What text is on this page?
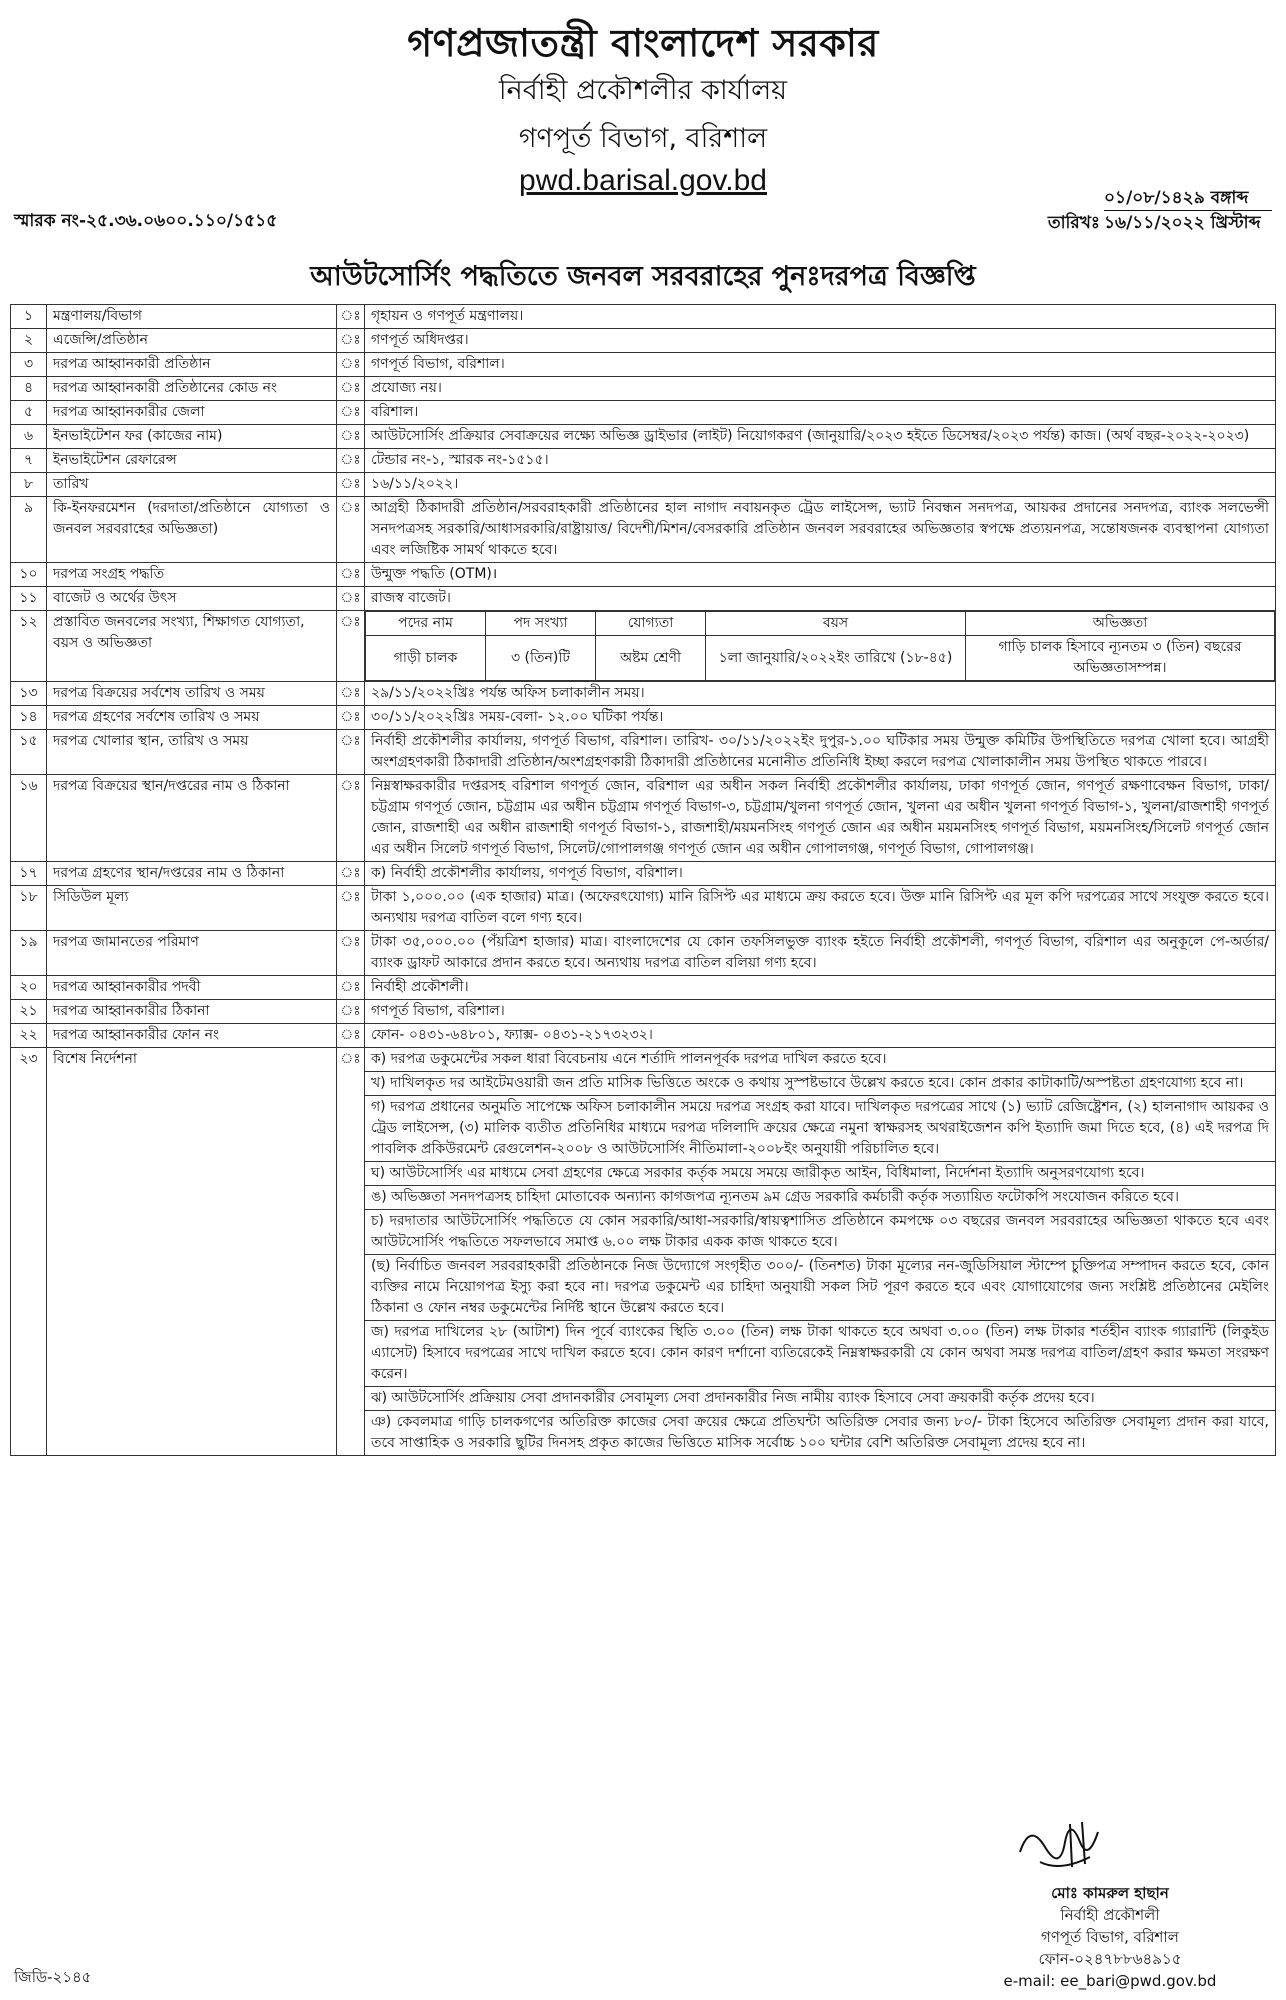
গণপ্রজাতন্ত্রী বাংলাদেশ সরকার
নির্বাহী প্রকৌশলীর কার্যালয়
গণপূর্ত বিভাগ, বরিশাল
pwd.barisal.gov.bd
স্মারক নং-২৫.৩৬.০৬০০.১১০/১৫১৫	তারিখঃ
০১/০৮/১৪২৯ বঙ্গাব্দ
১৬/১১/২০২২ খ্রিস্টাব্দ
আউটসোর্সিং পদ্ধতিতে জনবল সরবরাহের পুনঃদরপত্র বিজ্ঞপ্তি
১	মন্ত্রণালয়/বিভাগ	ঃ	গৃহায়ন ও গণপূর্ত মন্ত্রণালয়।
২	এজেন্সি/প্রতিষ্ঠান	ঃ	গণপূর্ত অধিদপ্তর।
৩	দরপত্র আহ্বানকারী প্রতিষ্ঠান	ঃ	গণপূর্ত বিভাগ, বরিশাল।
৪	দরপত্র আহ্বানকারী প্রতিষ্ঠানের কোড নং	ঃ	প্রযোজ্য নয়।
৫	দরপত্র আহ্বানকারীর জেলা	ঃ	বরিশাল।
৬	ইনভাইটেশন ফর (কাজের নাম)	ঃ	আউটসোর্সিং প্রক্রিয়ার সেবাক্রয়ের লক্ষ্যে অভিজ্ঞ ড্রাইভার (লাইট) নিয়োগকরণ (জানুয়ারি/২০২৩ হইতে ডিসেম্বর/২০২৩ পর্যন্ত) কাজ। (অর্থ বছর-২০২২-২০২৩)
৭	ইনভাইটেশন রেফারেন্স	ঃ	টেন্ডার নং-১, স্মারক নং-১৫১৫।
৮	তারিখ	ঃ	১৬/১১/২০২২।
৯	কি-ইনফরমেশন (দরদাতা/প্রতিষ্ঠানে যোগ্যতা ও জনবল সরবরাহের অভিজ্ঞতা)	ঃ	আগ্রহী ঠিকাদারী প্রতিষ্ঠান/সরবরাহকারী প্রতিষ্ঠানের হাল নাগাদ নবায়নকৃত ট্রেড লাইসেন্স, ভ্যাট নিবন্ধন সনদপত্র, আয়কর প্রদানের সনদপত্র, ব্যাংক সলভেন্সী সনদপত্রসহ সরকারি/আধাসরকারি/রাষ্ট্রায়াত্ত/ বিদেশী/মিশন/বেসরকারি প্রতিষ্ঠান জনবল সরবরাহের অভিজ্ঞতার স্বপক্ষে প্রত্যয়নপত্র, সন্তোষজনক ব্যবস্থাপনা যোগ্যতা এবং লজিষ্টিক সামর্থ থাকতে হবে।
১০	দরপত্র সংগ্রহ পদ্ধতি	ঃ	উন্মুক্ত পদ্ধতি (OTM)।
১১	বাজেট ও অর্থের উৎস	ঃ	রাজস্ব বাজেট।
১২	প্রস্তাবিত জনবলের সংখ্যা, শিক্ষাগত যোগ্যতা, বয়স ও অভিজ্ঞতা	ঃ		পদের নাম	পদ সংখ্যা	যোগ্যতা	বয়স	অভিজ্ঞতা
গাড়ী চালক	৩ (তিন)টি	অষ্টম শ্রেণী	১লা জানুয়ারি/২০২২ইং তারিখে (১৮-৪৫)	গাড়ি চালক হিসাবে ন্যূনতম ৩ (তিন) বছরের অভিজ্ঞতাসম্পন্ন।

১৩	দরপত্র বিক্রয়ের সর্বশেষ তারিখ ও সময়	ঃ	২৯/১১/২০২২খ্রিঃ পর্যন্ত অফিস চলাকালীন সময়।
১৪	দরপত্র গ্রহণের সর্বশেষ তারিখ ও সময়	ঃ	৩০/১১/২০২২খ্রিঃ সময়-বেলা- ১২.০০ ঘটিকা পর্যন্ত।
১৫	দরপত্র খোলার স্থান, তারিখ ও সময়	ঃ	নির্বাহী প্রকৌশলীর কার্যালয়, গণপূর্ত বিভাগ, বরিশাল। তারিখ- ৩০/১১/২০২২ইং দুপুর-১.০০ ঘটিকার সময় উন্মুক্ত কমিটির উপস্থিতিতে দরপত্র খোলা হবে। আগ্রহী অংশগ্রহণকারী ঠিকাদারী প্রতিষ্ঠান/অংশগ্রহণকারী ঠিকাদারী প্রতিষ্ঠানের মনোনীত প্রতিনিধি ইচ্ছা করলে দরপত্র খোলাকালীন সময় উপস্থিত থাকতে পারবে।
১৬	দরপত্র বিক্রয়ের স্থান/দপ্তরের নাম ও ঠিকানা	ঃ	নিম্নস্বাক্ষরকারীর দপ্তরসহ বরিশাল গণপূর্ত জোন, বরিশাল এর অধীন সকল নির্বাহী প্রকৌশলীর কার্যালয়, ঢাকা গণপূর্ত জোন, গণপূর্ত রক্ষণাবেক্ষন বিভাগ, ঢাকা/চট্টগ্রাম গণপূর্ত জোন, চট্টগ্রাম এর অধীন চট্টগ্রাম গণপূর্ত বিভাগ-৩, চট্টগ্রাম/খুলনা গণপূর্ত জোন, খুলনা এর অধীন খুলনা গণপূর্ত বিভাগ-১, খুলনা/রাজশাহী গণপূর্ত জোন, রাজশাহী এর অধীন রাজশাহী গণপূর্ত বিভাগ-১, রাজশাহী/ময়মনসিংহ গণপূর্ত জোন এর অধীন ময়মনসিংহ গণপূর্ত বিভাগ, ময়মনসিংহ/সিলেট গণপূর্ত জোন এর অধীন সিলেট গণপূর্ত বিভাগ, সিলেট/গোপালগঞ্জ গণপূর্ত জোন এর অধীন গোপালগঞ্জ, গণপূর্ত বিভাগ, গোপালগঞ্জ।
১৭	দরপত্র গ্রহণের স্থান/দপ্তরের নাম ও ঠিকানা	ঃ	ক) নির্বাহী প্রকৌশলীর কার্যালয়, গণপূর্ত বিভাগ, বরিশাল।
১৮	সিডিউল মূল্য	ঃ	টাকা ১,০০০.০০ (এক হাজার) মাত্র। (অফেরৎযোগ্য) মানি রিসিপ্ট এর মাধ্যমে ক্রয় করতে হবে। উক্ত মানি রিসিপ্ট এর মূল কপি দরপত্রের সাথে সংযুক্ত করতে হবে। অন্যথায় দরপত্র বাতিল বলে গণ্য হবে।
১৯	দরপত্র জামানতের পরিমাণ	ঃ	টাকা ৩৫,০০০.০০ (পঁয়ত্রিশ হাজার) মাত্র। বাংলাদেশের যে কোন তফসিলভুক্ত ব্যাংক হইতে নির্বাহী প্রকৌশলী, গণপূর্ত বিভাগ, বরিশাল এর অনুকূলে পে-অর্ডার/ব্যাংক ড্রাফট আকারে প্রদান করতে হবে। অন্যথায় দরপত্র বাতিল বলিয়া গণ্য হবে।
২০	দরপত্র আহ্বানকারীর পদবী	ঃ	নির্বাহী প্রকৌশলী।
২১	দরপত্র আহ্বানকারীর ঠিকানা	ঃ	গণপূর্ত বিভাগ, বরিশাল।
২২	দরপত্র আহ্বানকারীর ফোন নং	ঃ	ফোন- ০৪৩১-৬৪৮০১, ফ্যাক্স- ০৪৩১-২১৭৩২৩২।
২৩	বিশেষ নির্দেশনা	ঃ	ক) দরপত্র ডকুমেন্টের সকল ধারা বিবেচনায় এনে শর্তাদি পালনপূর্বক দরপত্র দাখিল করতে হবে।
খ) দাখিলকৃত দর আইটেমওয়ারী জন প্রতি মাসিক ভিত্তিতে অংকে ও কথায় সুস্পষ্টভাবে উল্লেখ করতে হবে। কোন প্রকার কাটাকাটি/অস্পষ্টতা গ্রহণযোগ্য হবে না।
গ) দরপত্র প্রধানের অনুমতি সাপেক্ষে অফিস চলাকালীন সময়ে দরপত্র সংগ্রহ করা যাবে। দাখিলকৃত দরপত্রের সাথে (১) ভ্যাট রেজিষ্ট্রেশন, (২) হালনাগাদ আয়কর ও ট্রেড লাইসেন্স, (৩) মালিক ব্যতীত প্রতিনিধির মাধ্যমে দরপত্র দলিলাদি ক্রয়ের ক্ষেত্রে নমুনা স্বাক্ষরসহ অথরাইজেশন কপি ইত্যাদি জমা দিতে হবে, (৪) এই দরপত্র দি পাবলিক প্রকিউরমেন্ট রেগুলেশন-২০০৮ ও আউটসোর্সিং নীতিমালা-২০০৮ইং অনুযায়ী পরিচালিত হবে।
ঘ) আউটসোর্সিং এর মাধ্যমে সেবা গ্রহণের ক্ষেত্রে সরকার কর্তৃক সময়ে সময়ে জারীকৃত আইন, বিধিমালা, নির্দেশনা ইত্যাদি অনুসরণযোগ্য হবে।
ঙ) অভিজ্ঞতা সনদপত্রসহ চাহিদা মোতাবেক অন্যান্য কাগজপত্র ন্যূনতম ৯ম গ্রেড সরকারি কর্মচারী কর্তৃক সত্যায়িত ফটোকপি সংযোজন করিতে হবে।
চ) দরদাতার আউটসোর্সিং পদ্ধতিতে যে কোন সরকারি/আধা-সরকারি/স্বায়ত্বশাসিত প্রতিষ্ঠানে কমপক্ষে ০৩ বছরের জনবল সরবরাহের অভিজ্ঞতা থাকতে হবে এবং আউটসোর্সিং পদ্ধতিতে সফলভাবে সমাপ্ত ৬.০০ লক্ষ টাকার একক কাজ থাকতে হবে।
(ছ) নির্বাচিত জনবল সরবরাহকারী প্রতিষ্ঠানকে নিজ উদ্যোগে সংগৃহীত ৩০০/- (তিনশত) টাকা মূল্যের নন-জুডিসিয়াল স্টাম্পে চুক্তিপত্র সম্পাদন করতে হবে, কোন ব্যক্তির নামে নিয়োগপত্র ইস্যু করা হবে না। দরপত্র ডকুমেন্ট এর চাহিদা অনুযায়ী সকল সিট পূরণ করতে হবে এবং যোগাযোগের জন্য সংশ্লিষ্ট প্রতিষ্ঠানের মেইলিং ঠিকানা ও ফোন নম্বর ডকুমেন্টের নির্দিষ্ট স্থানে উল্লেখ করতে হবে।
জ) দরপত্র দাখিলের ২৮ (আটাশ) দিন পূর্বে ব্যাংকের স্থিতি ৩.০০ (তিন) লক্ষ টাকা থাকতে হবে অথবা ৩.০০ (তিন) লক্ষ টাকার শর্তহীন ব্যাংক গ্যারান্টি (লিকুইড এ্যাসেট) হিসাবে দরপত্রের সাথে দাখিল করতে হবে। কোন কারণ দর্শানো ব্যতিরেকেই নিম্নস্বাক্ষরকারী যে কোন অথবা সমস্ত দরপত্র বাতিল/গ্রহণ করার ক্ষমতা সংরক্ষণ করেন।
ঝ) আউটসোর্সিং প্রক্রিয়ায় সেবা প্রদানকারীর সেবামূল্য সেবা প্রদানকারীর নিজ নামীয় ব্যাংক হিসাবে সেবা ক্রয়কারী কর্তৃক প্রদেয় হবে।
ঞ) কেবলমাত্র গাড়ি চালকগণের অতিরিক্ত কাজের সেবা ক্রয়ের ক্ষেত্রে প্রতিঘন্টা অতিরিক্ত সেবার জন্য ৮০/- টাকা হিসেবে অতিরিক্ত সেবামূল্য প্রদান করা যাবে, তবে সাপ্তাহিক ও সরকারি ছুটির দিনসহ প্রকৃত কাজের ভিত্তিতে মাসিক সর্বোচ্চ ১০০ ঘন্টার বেশি অতিরিক্ত সেবামূল্য প্রদেয় হবে না।
মোঃ কামরুল হাছান
নির্বাহী প্রকৌশলী
গণপূর্ত বিভাগ, বরিশাল
ফোন-০২৪৭৮৮৬৪৯১৫
e-mail: ee_bari@pwd.gov.bd
জিডি-২১৪৫
